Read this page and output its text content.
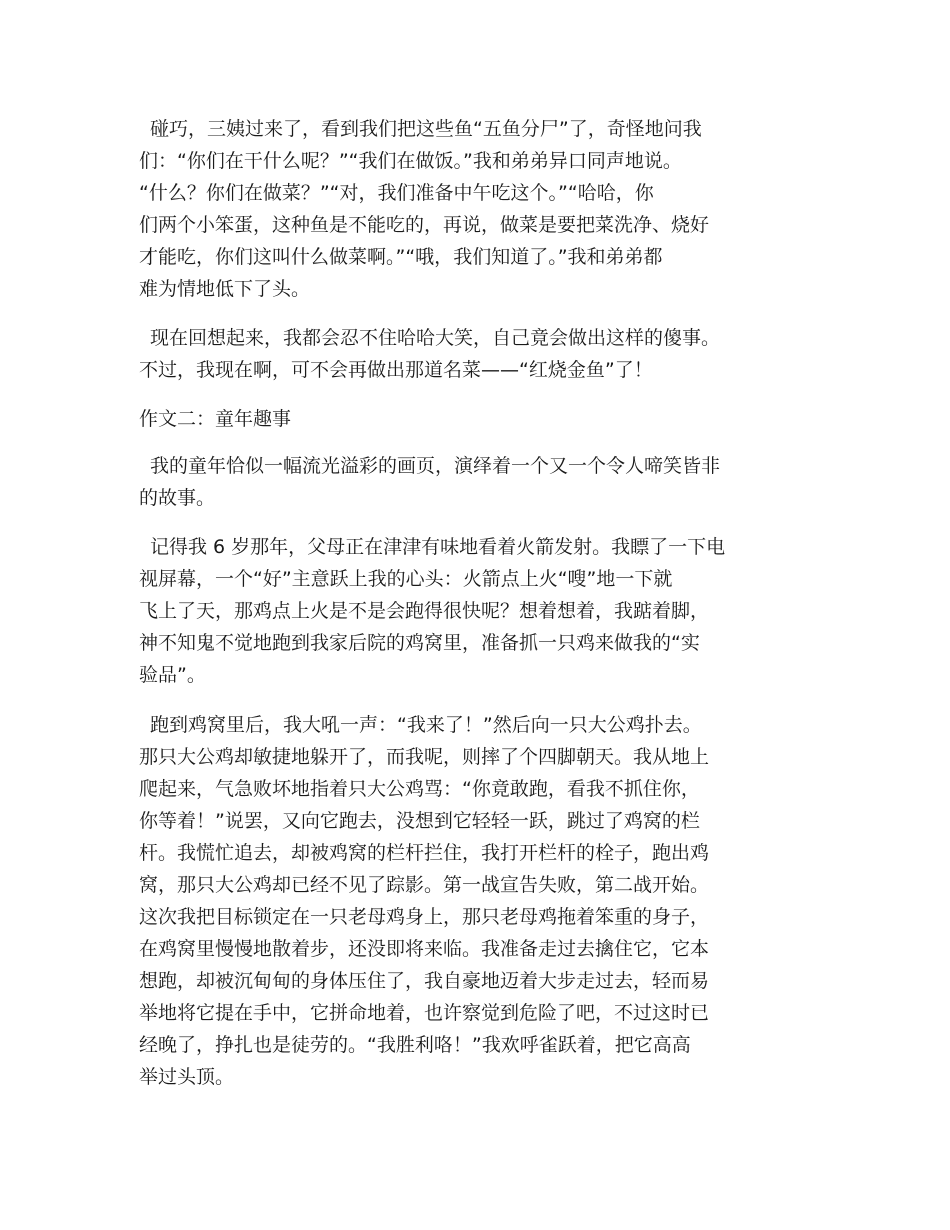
碰巧，三姨过来了，看到我们把这些鱼“五鱼分尸”了，奇怪地问我
们：“你们在干什么呢？”“我们在做饭。”我和弟弟异口同声地说。
“什么？你们在做菜？”“对，我们准备中午吃这个。”“哈哈，你
们两个小笨蛋，这种鱼是不能吃的，再说，做菜是要把菜洗净、烧好
才能吃，你们这叫什么做菜啊。”“哦，我们知道了。”我和弟弟都
难为情地低下了头。
现在回想起来，我都会忍不住哈哈大笑，自己竟会做出这样的傻事。
不过，我现在啊，可不会再做出那道名菜——“红烧金鱼”了！
作文二：童年趣事
我的童年恰似一幅流光溢彩的画页，演绎着一个又一个令人啼笑皆非
的故事。
记得我 6 岁那年，父母正在津津有味地看着火箭发射。我瞟了一下电
视屏幕，一个“好”主意跃上我的心头：火箭点上火“嗖”地一下就
飞上了天，那鸡点上火是不是会跑得很快呢？想着想着，我踮着脚，
神不知鬼不觉地跑到我家后院的鸡窝里，准备抓一只鸡来做我的“实
验品”。
跑到鸡窝里后，我大吼一声：“我来了！”然后向一只大公鸡扑去。
那只大公鸡却敏捷地躲开了，而我呢，则摔了个四脚朝天。我从地上
爬起来，气急败坏地指着只大公鸡骂：“你竟敢跑，看我不抓住你，
你等着！”说罢，又向它跑去，没想到它轻轻一跃，跳过了鸡窝的栏
杆。我慌忙追去，却被鸡窝的栏杆拦住，我打开栏杆的栓子，跑出鸡
窝，那只大公鸡却已经不见了踪影。第一战宣告失败，第二战开始。
这次我把目标锁定在一只老母鸡身上，那只老母鸡拖着笨重的身子，
在鸡窝里慢慢地散着步，还没即将来临。我准备走过去擒住它，它本
想跑，却被沉甸甸的身体压住了，我自豪地迈着大步走过去，轻而易
举地将它提在手中，它拼命地着，也许察觉到危险了吧，不过这时已
经晚了，挣扎也是徒劳的。“我胜利咯！”我欢呼雀跃着，把它高高
举过头顶。
